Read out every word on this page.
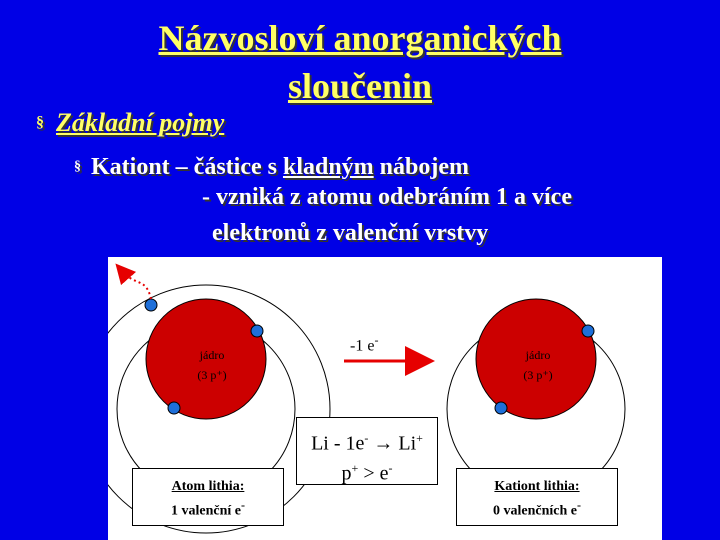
Názvosloví anorganických
sloučenin
§ Základní pojmy
§ Kationt – částice s kladným nábojem
- vzniká z atomu odebráním 1 a více
elektronů z valenční vrstvy
jádro
(3 p⁺)
jádro
(3 p⁺)
-1 e-
Li - 1e- → Li+
p+ > e-
Atom lithia:
1 valenční e-
Kationt lithia:
0 valenčních e-
